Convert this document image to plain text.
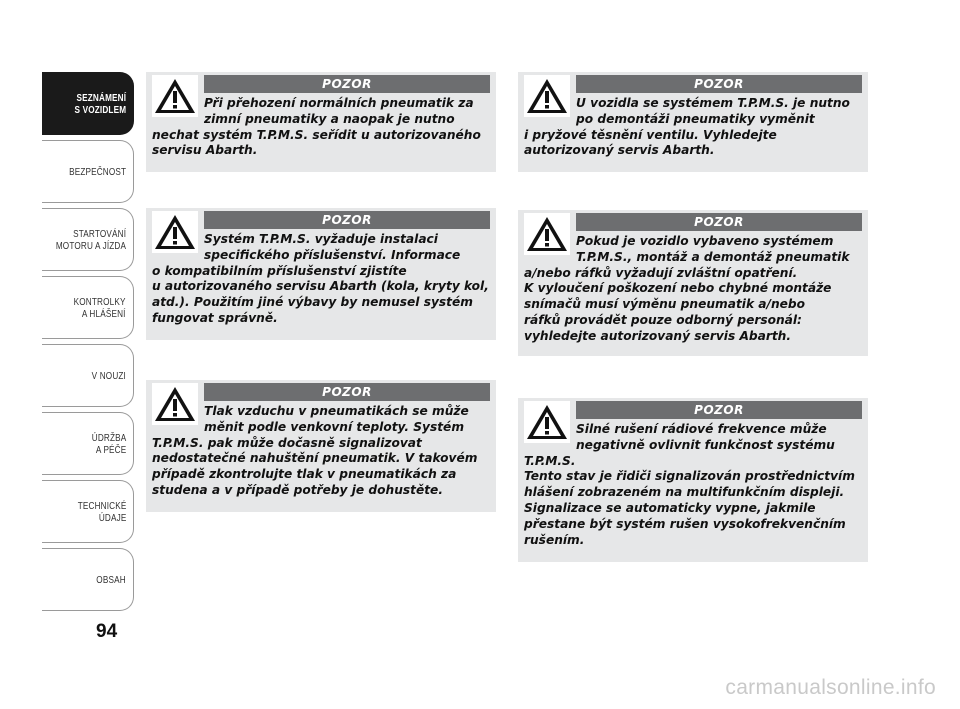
SEZNÁMENÍ
S VOZIDLEM
BEZPEČNOST
STARTOVÁNÍ
MOTORU A JÍZDA
KONTROLKY
A HLÁŠENÍ
V NOUZI
ÚDRŽBA
A PÉČE
TECHNICKÉ
ÚDAJE
OBSAH
94
POZOR

Při přehození normálních pneumatik za
zimní pneumatiky a naopak je nutno
nechat systém T.P.M.S. seřídit u autorizovaného
servisu Abarth.

POZOR

Systém T.P.M.S. vyžaduje instalaci
specifického příslušenství. Informace
o kompatibilním příslušenství zjistíte
u autorizovaného servisu Abarth (kola, kryty kol,
atd.). Použitím jiné výbavy by nemusel systém
fungovat správně.

POZOR

Tlak vzduchu v pneumatikách se může
měnit podle venkovní teploty. Systém
T.P.M.S. pak může dočasně signalizovat
nedostatečné nahuštění pneumatik. V takovém
případě zkontrolujte tlak v pneumatikách za
studena a v případě potřeby je dohustěte.

POZOR

U vozidla se systémem T.P.M.S. je nutno
po demontáži pneumatiky vyměnit
i pryžové těsnění ventilu. Vyhledejte
autorizovaný servis Abarth.

POZOR

Pokud je vozidlo vybaveno systémem
T.P.M.S., montáž a demontáž pneumatik
a/nebo ráfků vyžadují zvláštní opatření.
K vyloučení poškození nebo chybné montáže
snímačů musí výměnu pneumatik a/nebo
ráfků provádět pouze odborný personál:
vyhledejte autorizovaný servis Abarth.

POZOR

Silné rušení rádiové frekvence může
negativně ovlivnit funkčnost systému
T.P.M.S.
Tento stav je řidiči signalizován prostřednictvím
hlášení zobrazeném na multifunkčním displeji.
Signalizace se automaticky vypne, jakmile
přestane být systém rušen vysokofrekvenčním
rušením.

carmanualsonline.info
